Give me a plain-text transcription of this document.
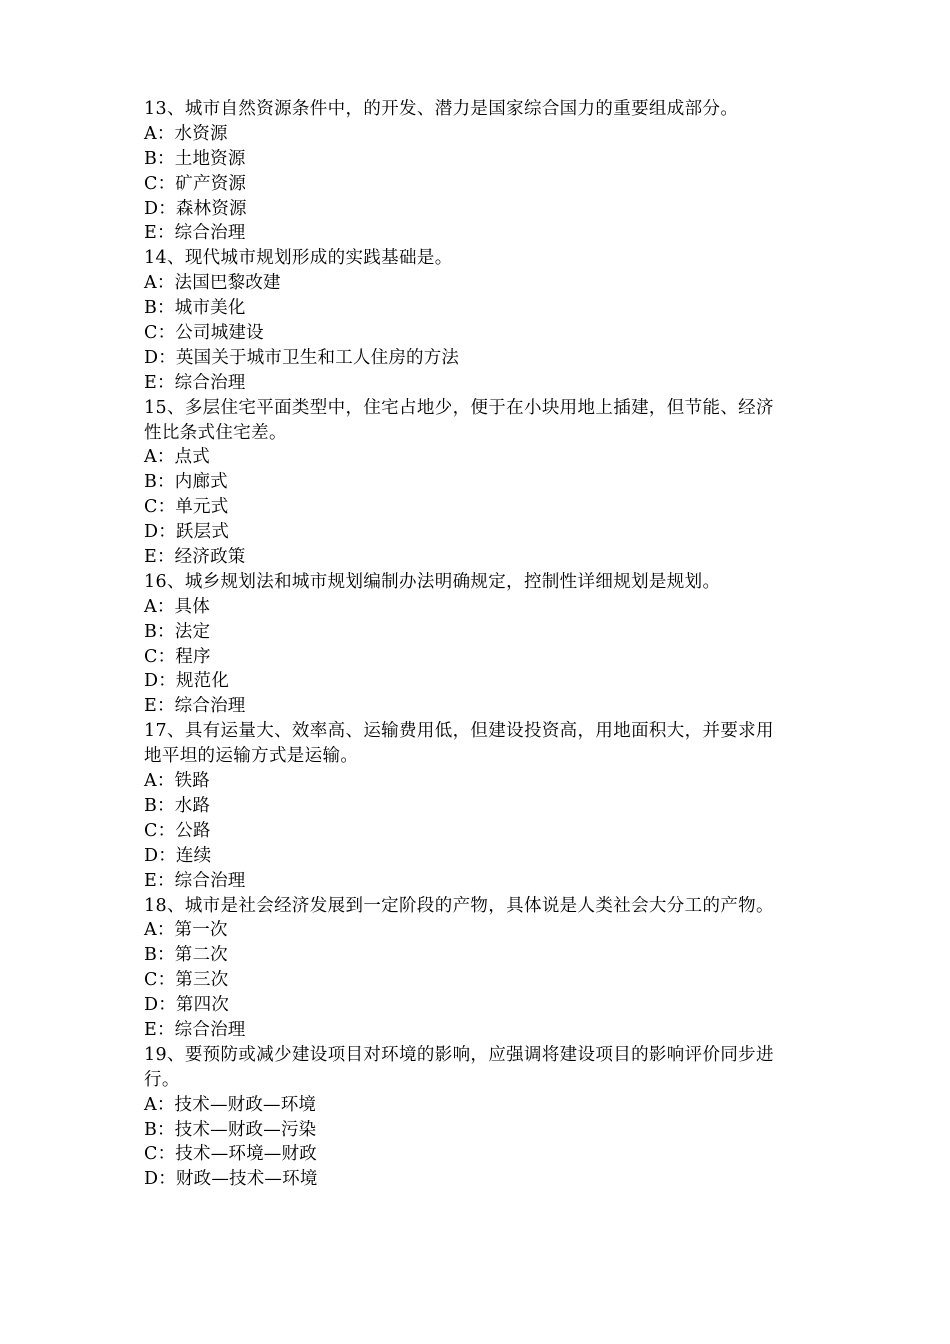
13、城市自然资源条件中，的开发、潜力是国家综合国力的重要组成部分。
A：水资源
B：土地资源
C：矿产资源
D：森林资源
E：综合治理
14、现代城市规划形成的实践基础是。
A：法国巴黎改建
B：城市美化
C：公司城建设
D：英国关于城市卫生和工人住房的方法
E：综合治理
15、多层住宅平面类型中，住宅占地少，便于在小块用地上插建，但节能、经济
性比条式住宅差。
A：点式
B：内廊式
C：单元式
D：跃层式
E：经济政策
16、城乡规划法和城市规划编制办法明确规定，控制性详细规划是规划。
A：具体
B：法定
C：程序
D：规范化
E：综合治理
17、具有运量大、效率高、运输费用低，但建设投资高，用地面积大，并要求用
地平坦的运输方式是运输。
A：铁路
B：水路
C：公路
D：连续
E：综合治理
18、城市是社会经济发展到一定阶段的产物，具体说是人类社会大分工的产物。
A：第一次
B：第二次
C：第三次
D：第四次
E：综合治理
19、要预防或减少建设项目对环境的影响，应强调将建设项目的影响评价同步进
行。
A：技术—财政—环境
B：技术—财政—污染
C：技术—环境—财政
D：财政—技术—环境
